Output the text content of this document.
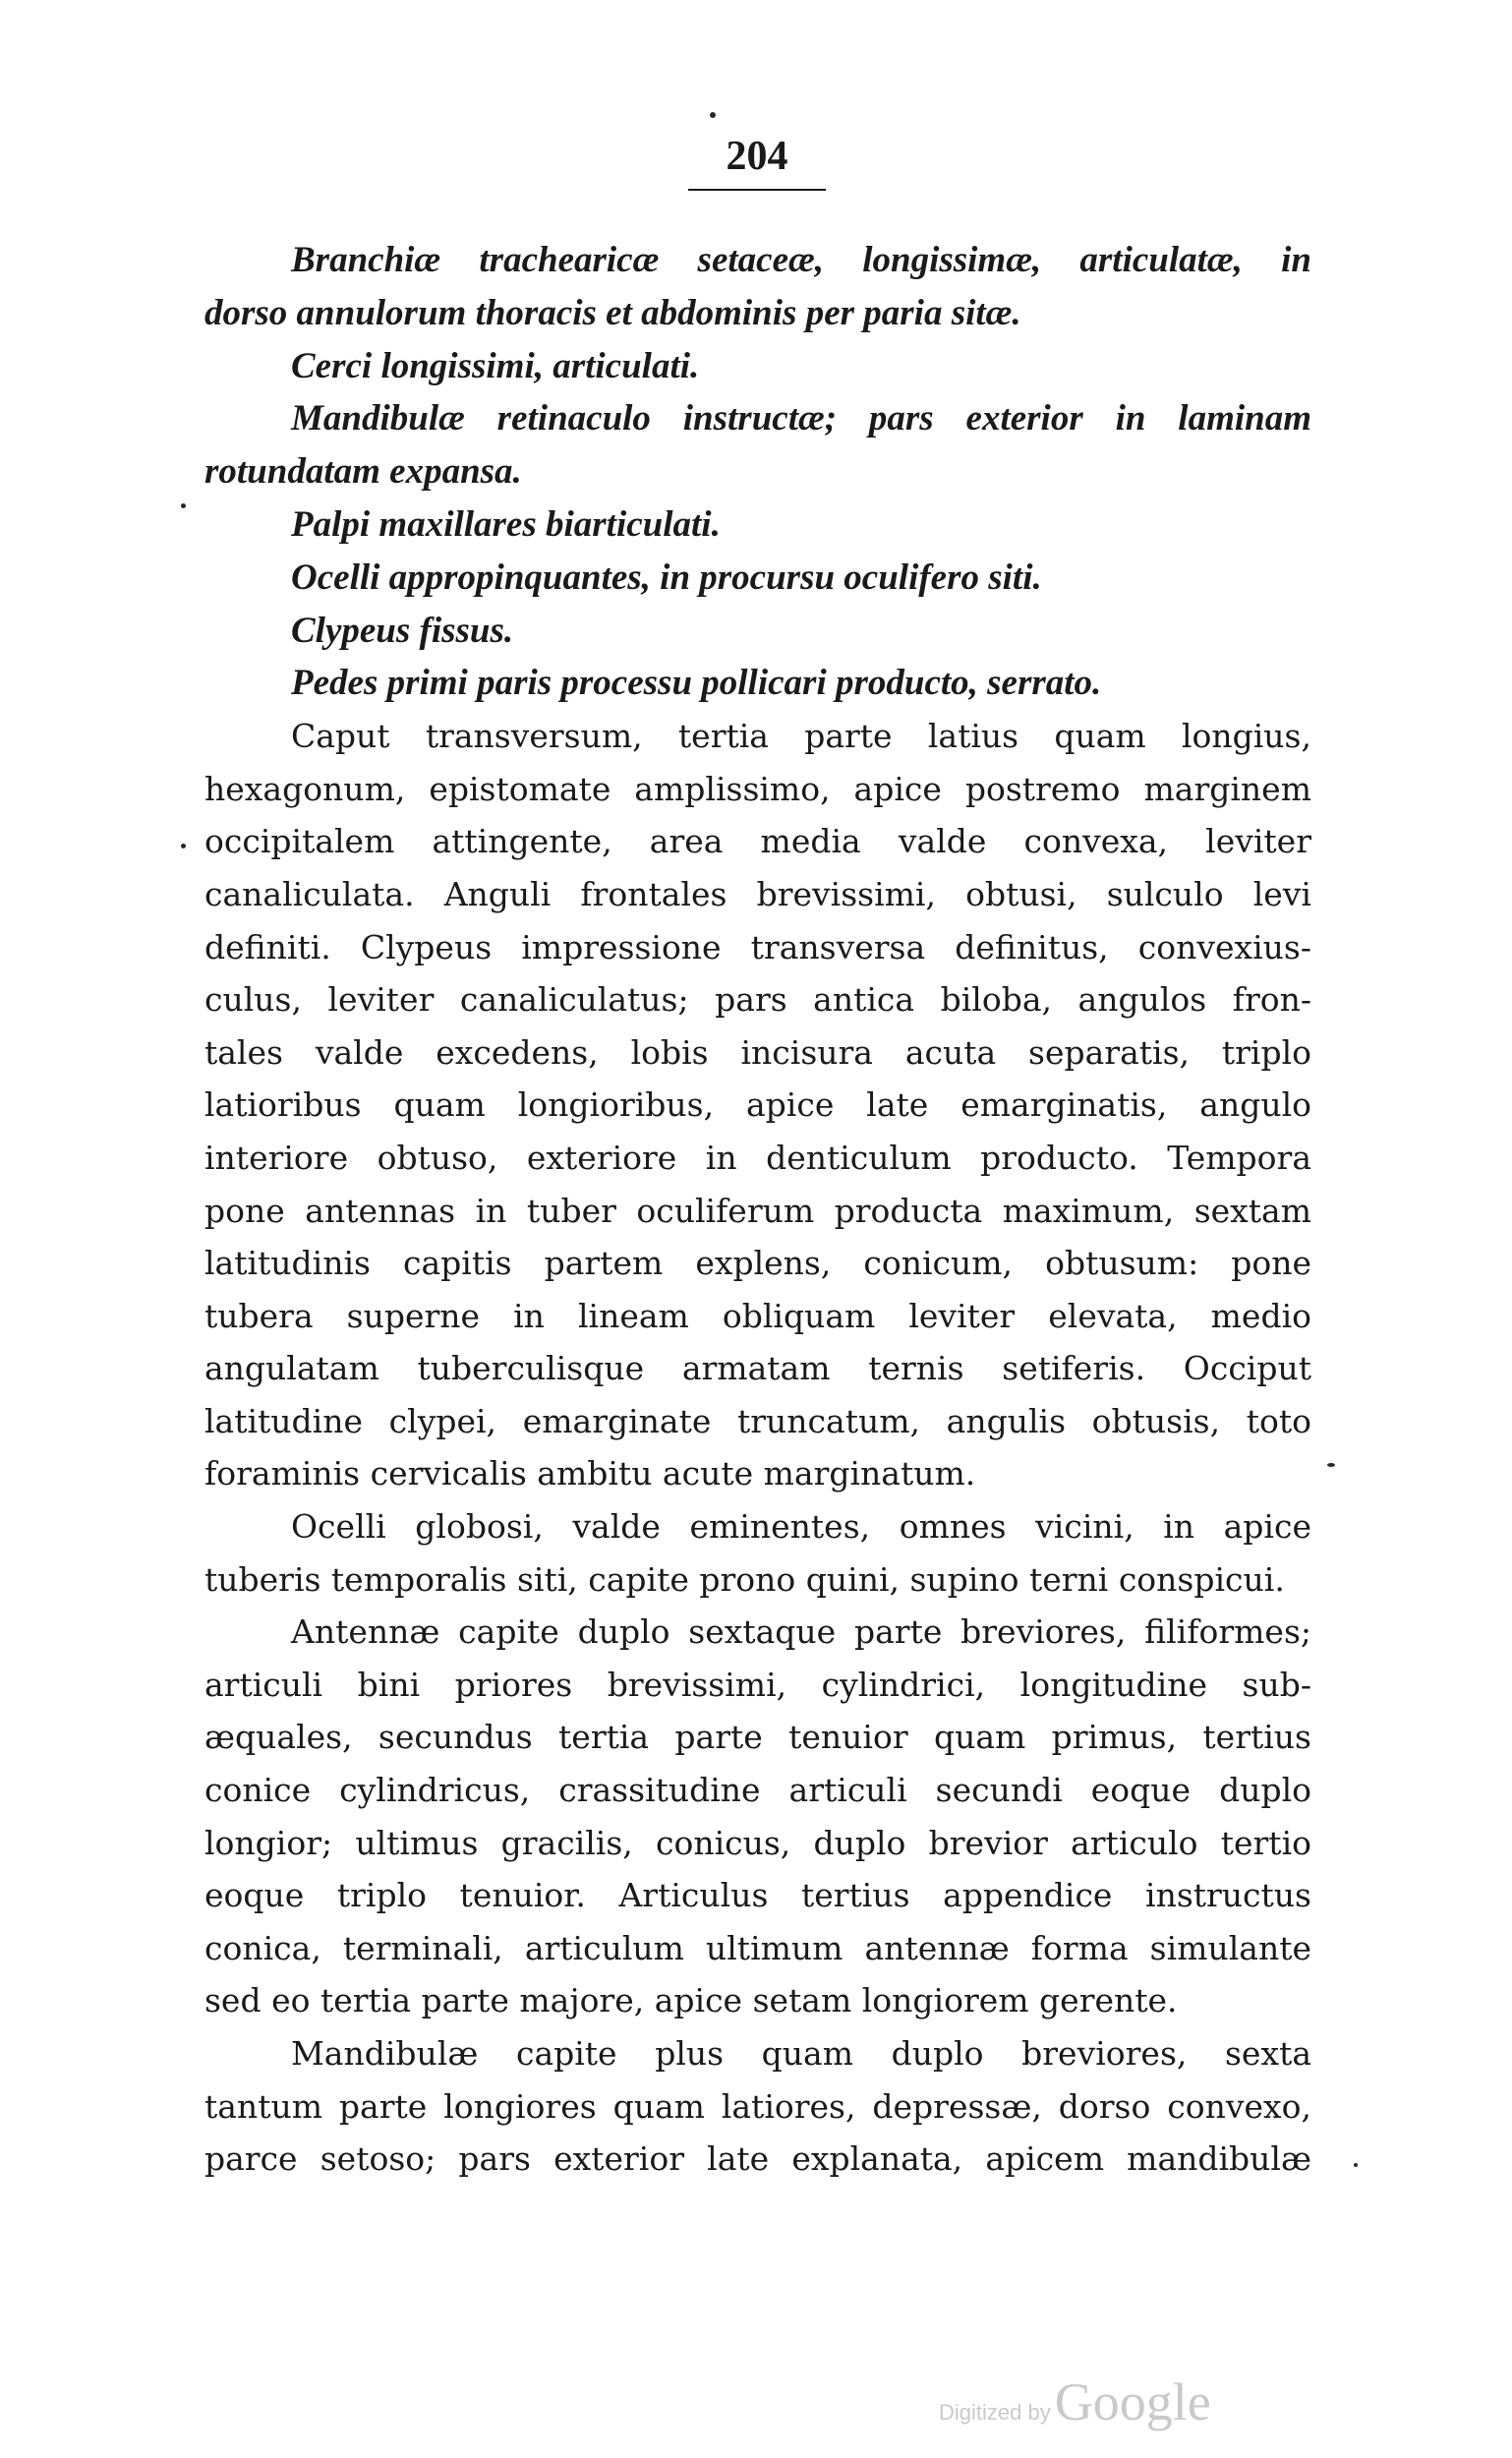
204
Branchiæ trachearicæ setaceæ, longissimæ, articulatæ, in
dorso annulorum thoracis et abdominis per paria sitæ.
Cerci longissimi, articulati.
Mandibulæ retinaculo instructæ; pars exterior in laminam
rotundatam expansa.
Palpi maxillares biarticulati.
Ocelli appropinquantes, in procursu oculifero siti.
Clypeus fissus.
Pedes primi paris processu pollicari producto, serrato.
Caput transversum, tertia parte latius quam longius,
hexagonum, epistomate amplissimo, apice postremo marginem
occipitalem attingente, area media valde convexa, leviter
canaliculata. Anguli frontales brevissimi, obtusi, sulculo levi
definiti. Clypeus impressione transversa definitus, convexius-
culus, leviter canaliculatus; pars antica biloba, angulos fron-
tales valde excedens, lobis incisura acuta separatis, triplo
latioribus quam longioribus, apice late emarginatis, angulo
interiore obtuso, exteriore in denticulum producto. Tempora
pone antennas in tuber oculiferum producta maximum, sextam
latitudinis capitis partem explens, conicum, obtusum: pone
tubera superne in lineam obliquam leviter elevata, medio
angulatam tuberculisque armatam ternis setiferis. Occiput
latitudine clypei, emarginate truncatum, angulis obtusis, toto
foraminis cervicalis ambitu acute marginatum.
Ocelli globosi, valde eminentes, omnes vicini, in apice
tuberis temporalis siti, capite prono quini, supino terni conspicui.
Antennæ capite duplo sextaque parte breviores, filiformes;
articuli bini priores brevissimi, cylindrici, longitudine sub-
æquales, secundus tertia parte tenuior quam primus, tertius
conice cylindricus, crassitudine articuli secundi eoque duplo
longior; ultimus gracilis, conicus, duplo brevior articulo tertio
eoque triplo tenuior. Articulus tertius appendice instructus
conica, terminali, articulum ultimum antennæ forma simulante
sed eo tertia parte majore, apice setam longiorem gerente.
Mandibulæ capite plus quam duplo breviores, sexta
tantum parte longiores quam latiores, depressæ, dorso convexo,
parce setoso; pars exterior late explanata, apicem mandibulæ
Digitized by Google
